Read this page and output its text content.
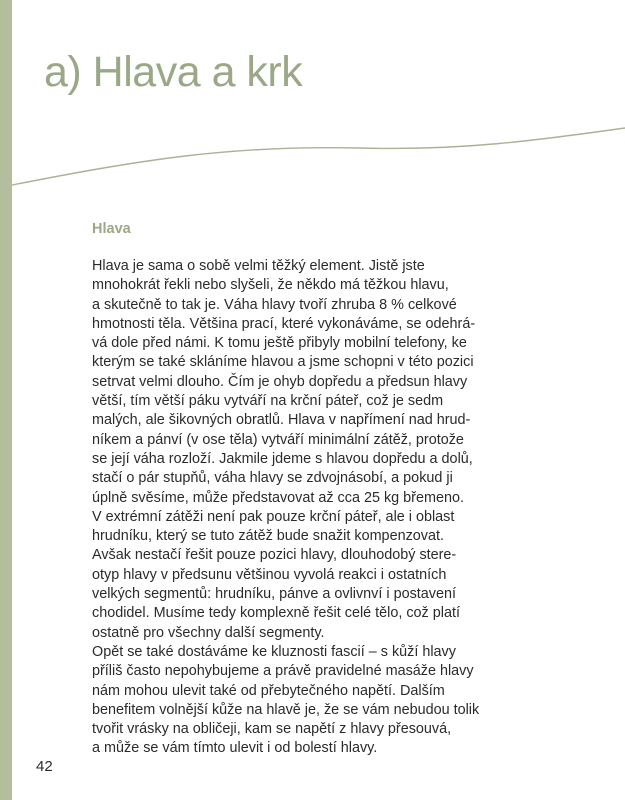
a) Hlava a krk
Hlava
Hlava je sama o sobě velmi těžký element. Jistě jste
mnohokrát řekli nebo slyšeli, že někdo má těžkou hlavu,
a skutečně to tak je. Váha hlavy tvoří zhruba 8 % celkové
hmotnosti těla. Většina prací, které vykonáváme, se odehrá-
vá dole před námi. K tomu ještě přibyly mobilní telefony, ke
kterým se také skláníme hlavou a jsme schopni v této pozici
setrvat velmi dlouho. Čím je ohyb dopředu a předsun hlavy
větší, tím větší páku vytváří na krční páteř, což je sedm
malých, ale šikovných obratlů. Hlava v napřímení nad hrud-
níkem a pánví (v ose těla) vytváří minimální zátěž, protože
se její váha rozloží. Jakmile jdeme s hlavou dopředu a dolů,
stačí o pár stupňů, váha hlavy se zdvojnásobí, a pokud ji
úplně svěsíme, může představovat až cca 25 kg břemeno.
V extrémní zátěži není pak pouze krční páteř, ale i oblast
hrudníku, který se tuto zátěž bude snažit kompenzovat.
Avšak nestačí řešit pouze pozici hlavy, dlouhodobý stere-
otyp hlavy v předsunu většinou vyvolá reakci i ostatních
velkých segmentů: hrudníku, pánve a ovlivnví i postavení
chodidel. Musíme tedy komplexně řešit celé tělo, což platí
ostatně pro všechny další segmenty.
Opět se také dostáváme ke kluznosti fascií – s kůží hlavy
příliš často nepohybujeme a právě pravidelné masáže hlavy
nám mohou ulevit také od přebytečného napětí. Dalším
benefitem volnější kůže na hlavě je, že se vám nebudou tolik
tvořit vrásky na obličeji, kam se napětí z hlavy přesouvá,
a může se vám tímto ulevit i od bolestí hlavy.
42
